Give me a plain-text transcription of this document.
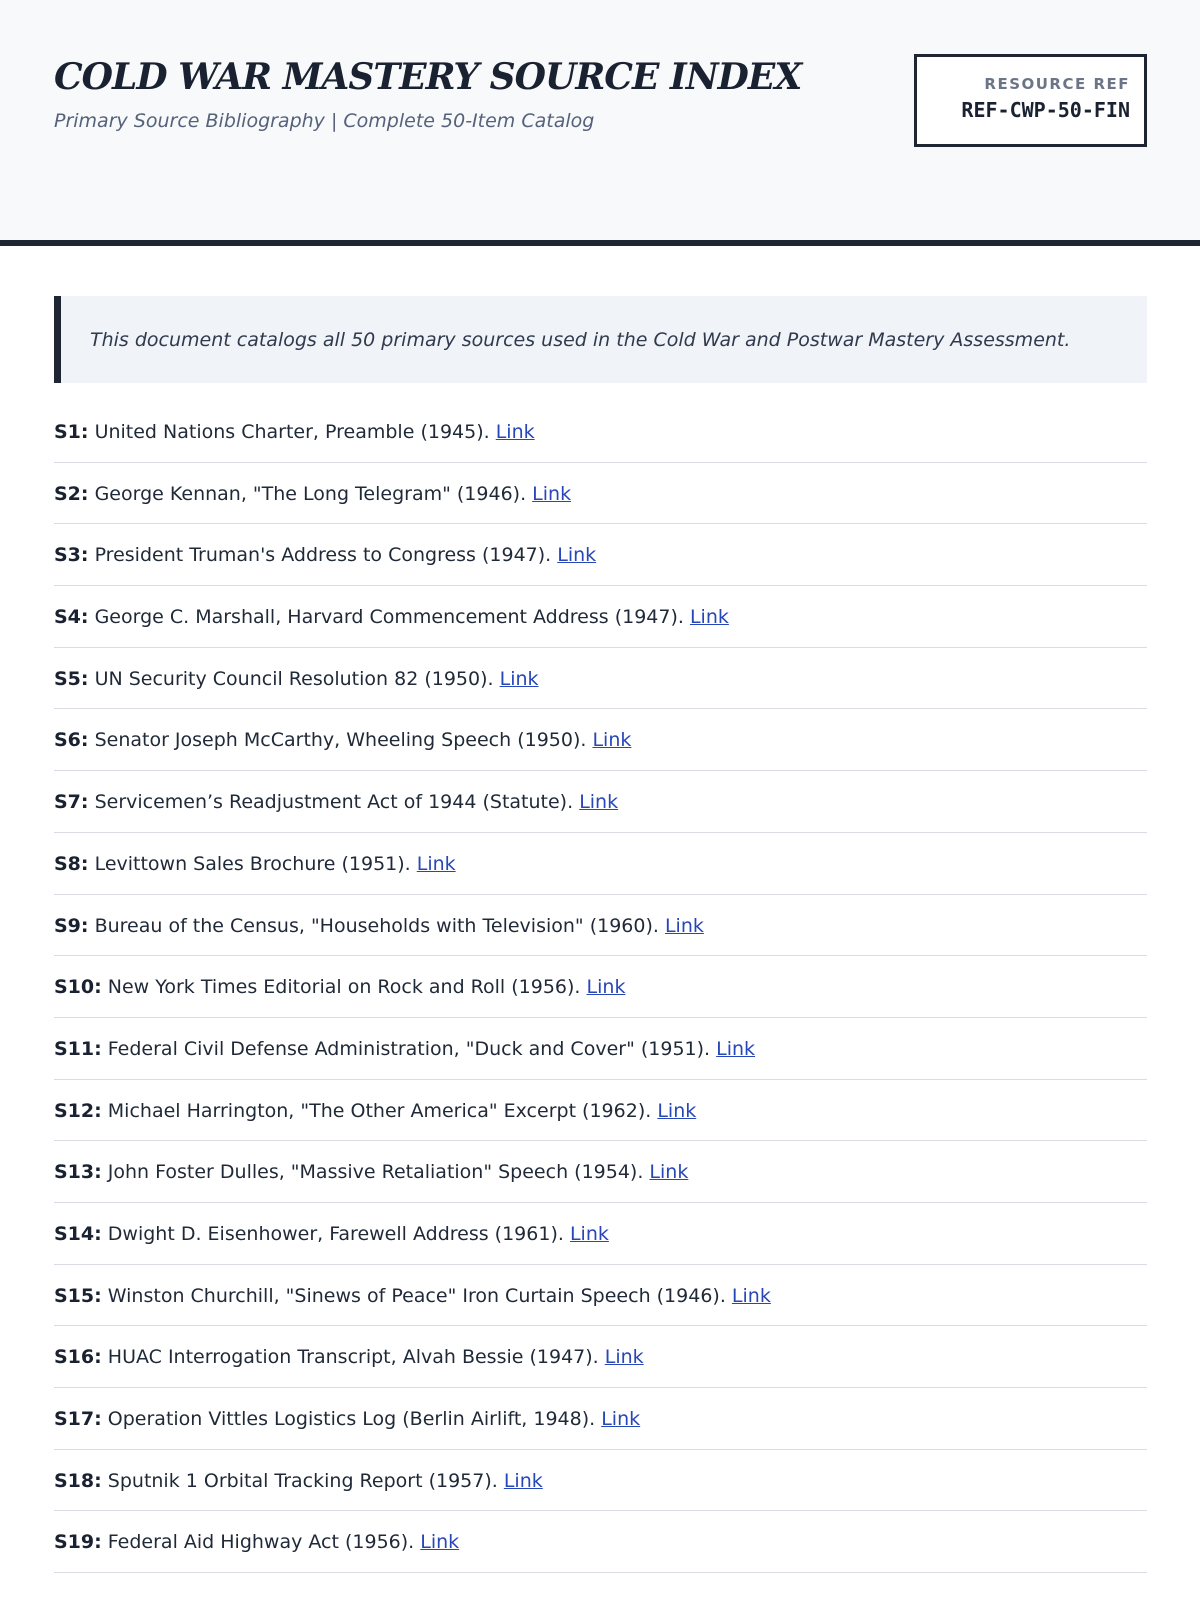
COLD WAR MASTERY SOURCE INDEX
Primary Source Bibliography | Complete 50-Item Catalog
RESOURCE REF
REF-CWP-50-FIN

This document catalogs all 50 primary sources used in the Cold War and Postwar Mastery Assessment.

S1: United Nations Charter, Preamble (1945). Link
S2: George Kennan, "The Long Telegram" (1946). Link
S3: President Truman's Address to Congress (1947). Link
S4: George C. Marshall, Harvard Commencement Address (1947). Link
S5: UN Security Council Resolution 82 (1950). Link
S6: Senator Joseph McCarthy, Wheeling Speech (1950). Link
S7: Servicemen’s Readjustment Act of 1944 (Statute). Link
S8: Levittown Sales Brochure (1951). Link
S9: Bureau of the Census, "Households with Television" (1960). Link
S10: New York Times Editorial on Rock and Roll (1956). Link
S11: Federal Civil Defense Administration, "Duck and Cover" (1951). Link
S12: Michael Harrington, "The Other America" Excerpt (1962). Link
S13: John Foster Dulles, "Massive Retaliation" Speech (1954). Link
S14: Dwight D. Eisenhower, Farewell Address (1961). Link
S15: Winston Churchill, "Sinews of Peace" Iron Curtain Speech (1946). Link
S16: HUAC Interrogation Transcript, Alvah Bessie (1947). Link
S17: Operation Vittles Logistics Log (Berlin Airlift, 1948). Link
S18: Sputnik 1 Orbital Tracking Report (1957). Link
S19: Federal Aid Highway Act (1956). Link
